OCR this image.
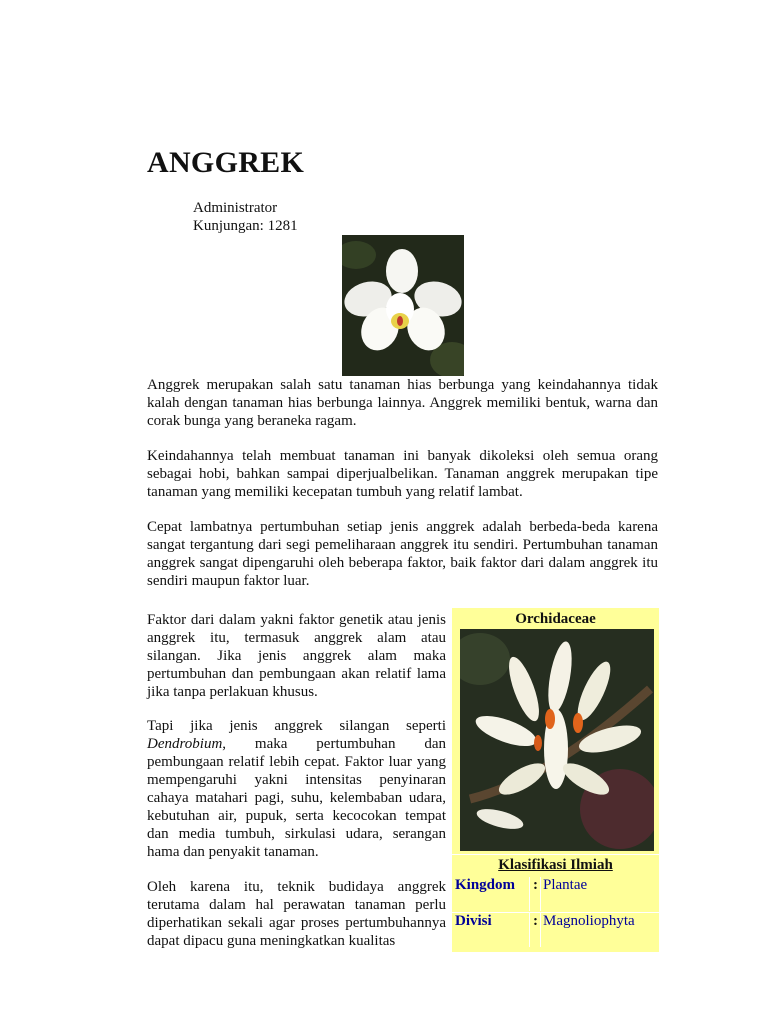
ANGGREK
Administrator
Kunjungan: 1281

Anggrek merupakan salah satu tanaman hias berbunga yang keindahannya tidak kalah dengan tanaman hias berbunga lainnya. Anggrek memiliki bentuk, warna dan corak bunga yang beraneka ragam.

Keindahannya telah membuat tanaman ini banyak dikoleksi oleh semua orang sebagai hobi, bahkan sampai diperjualbelikan. Tanaman anggrek merupakan tipe tanaman yang memiliki kecepatan tumbuh yang relatif lambat.

Cepat lambatnya pertumbuhan setiap jenis anggrek adalah berbeda-beda karena sangat tergantung dari segi pemeliharaan anggrek itu sendiri. Pertumbuhan tanaman anggrek sangat dipengaruhi oleh beberapa faktor, baik faktor dari dalam anggrek itu sendiri maupun faktor luar.

Faktor dari dalam yakni faktor genetik atau jenis anggrek itu, termasuk anggrek alam atau silangan. Jika jenis anggrek alam maka pertumbuhan dan pembungaan akan relatif lama jika tanpa perlakuan khusus.

Tapi jika jenis anggrek silangan seperti Dendrobium, maka pertumbuhan dan pembungaan relatif lebih cepat. Faktor luar yang mempengaruhi yakni intensitas penyinaran cahaya matahari pagi, suhu, kelembaban udara, kebutuhan air, pupuk, serta kecocokan tempat dan media tumbuh, sirkulasi udara, serangan hama dan penyakit tanaman.

Oleh karena itu, teknik budidaya anggrek terutama dalam hal perawatan tanaman perlu diperhatikan sekali agar proses pertumbuhannya dapat dipacu guna meningkatkan kualitas

Orchidaceae
Klasifikasi Ilmiah
Kingdom : Plantae
Divisi	: Magnoliophyta
